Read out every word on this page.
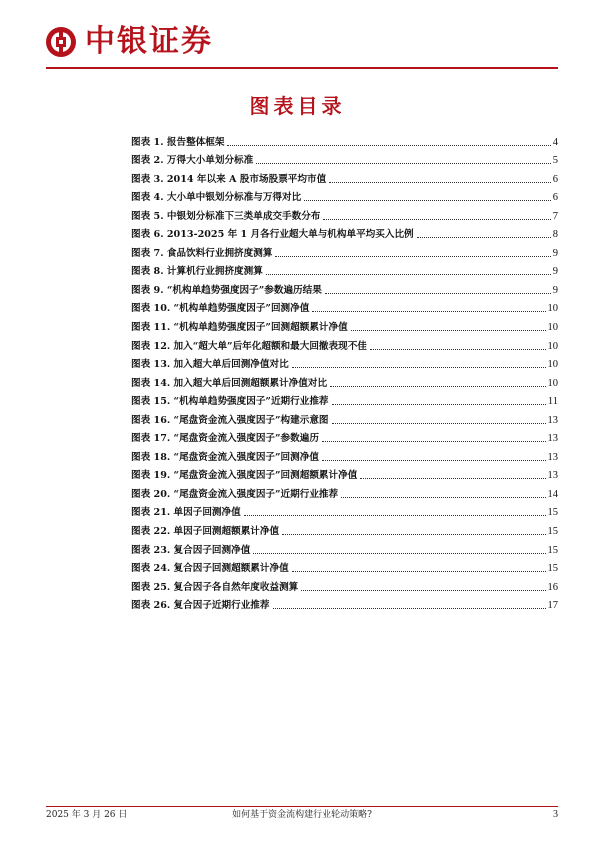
中银证券
图表目录
图表 1. 报告整体框架	4
图表 2. 万得大小单划分标准	5
图表 3. 2014 年以来 A 股市场股票平均市值	6
图表 4. 大小单中银划分标准与万得对比	6
图表 5. 中银划分标准下三类单成交手数分布	7
图表 6. 2013-2025 年 1 月各行业超大单与机构单平均买入比例	8
图表 7. 食品饮料行业拥挤度测算	9
图表 8. 计算机行业拥挤度测算	9
图表 9. “机构单趋势强度因子”参数遍历结果	9
图表 10. “机构单趋势强度因子”回测净值	10
图表 11. “机构单趋势强度因子”回测超额累计净值	10
图表 12. 加入“超大单”后年化超额和最大回撤表现不佳	10
图表 13. 加入超大单后回测净值对比	10
图表 14. 加入超大单后回测超额累计净值对比	10
图表 15. “机构单趋势强度因子”近期行业推荐	11
图表 16. “尾盘资金流入强度因子”构建示意图	13
图表 17. “尾盘资金流入强度因子”参数遍历	13
图表 18. “尾盘资金流入强度因子”回测净值	13
图表 19. “尾盘资金流入强度因子”回测超额累计净值	13
图表 20. “尾盘资金流入强度因子”近期行业推荐	14
图表 21. 单因子回测净值	15
图表 22. 单因子回测超额累计净值	15
图表 23. 复合因子回测净值	15
图表 24. 复合因子回测超额累计净值	15
图表 25. 复合因子各自然年度收益测算	16
图表 26. 复合因子近期行业推荐	17
2025 年 3 月 26 日	如何基于资金流构建行业轮动策略?	3
